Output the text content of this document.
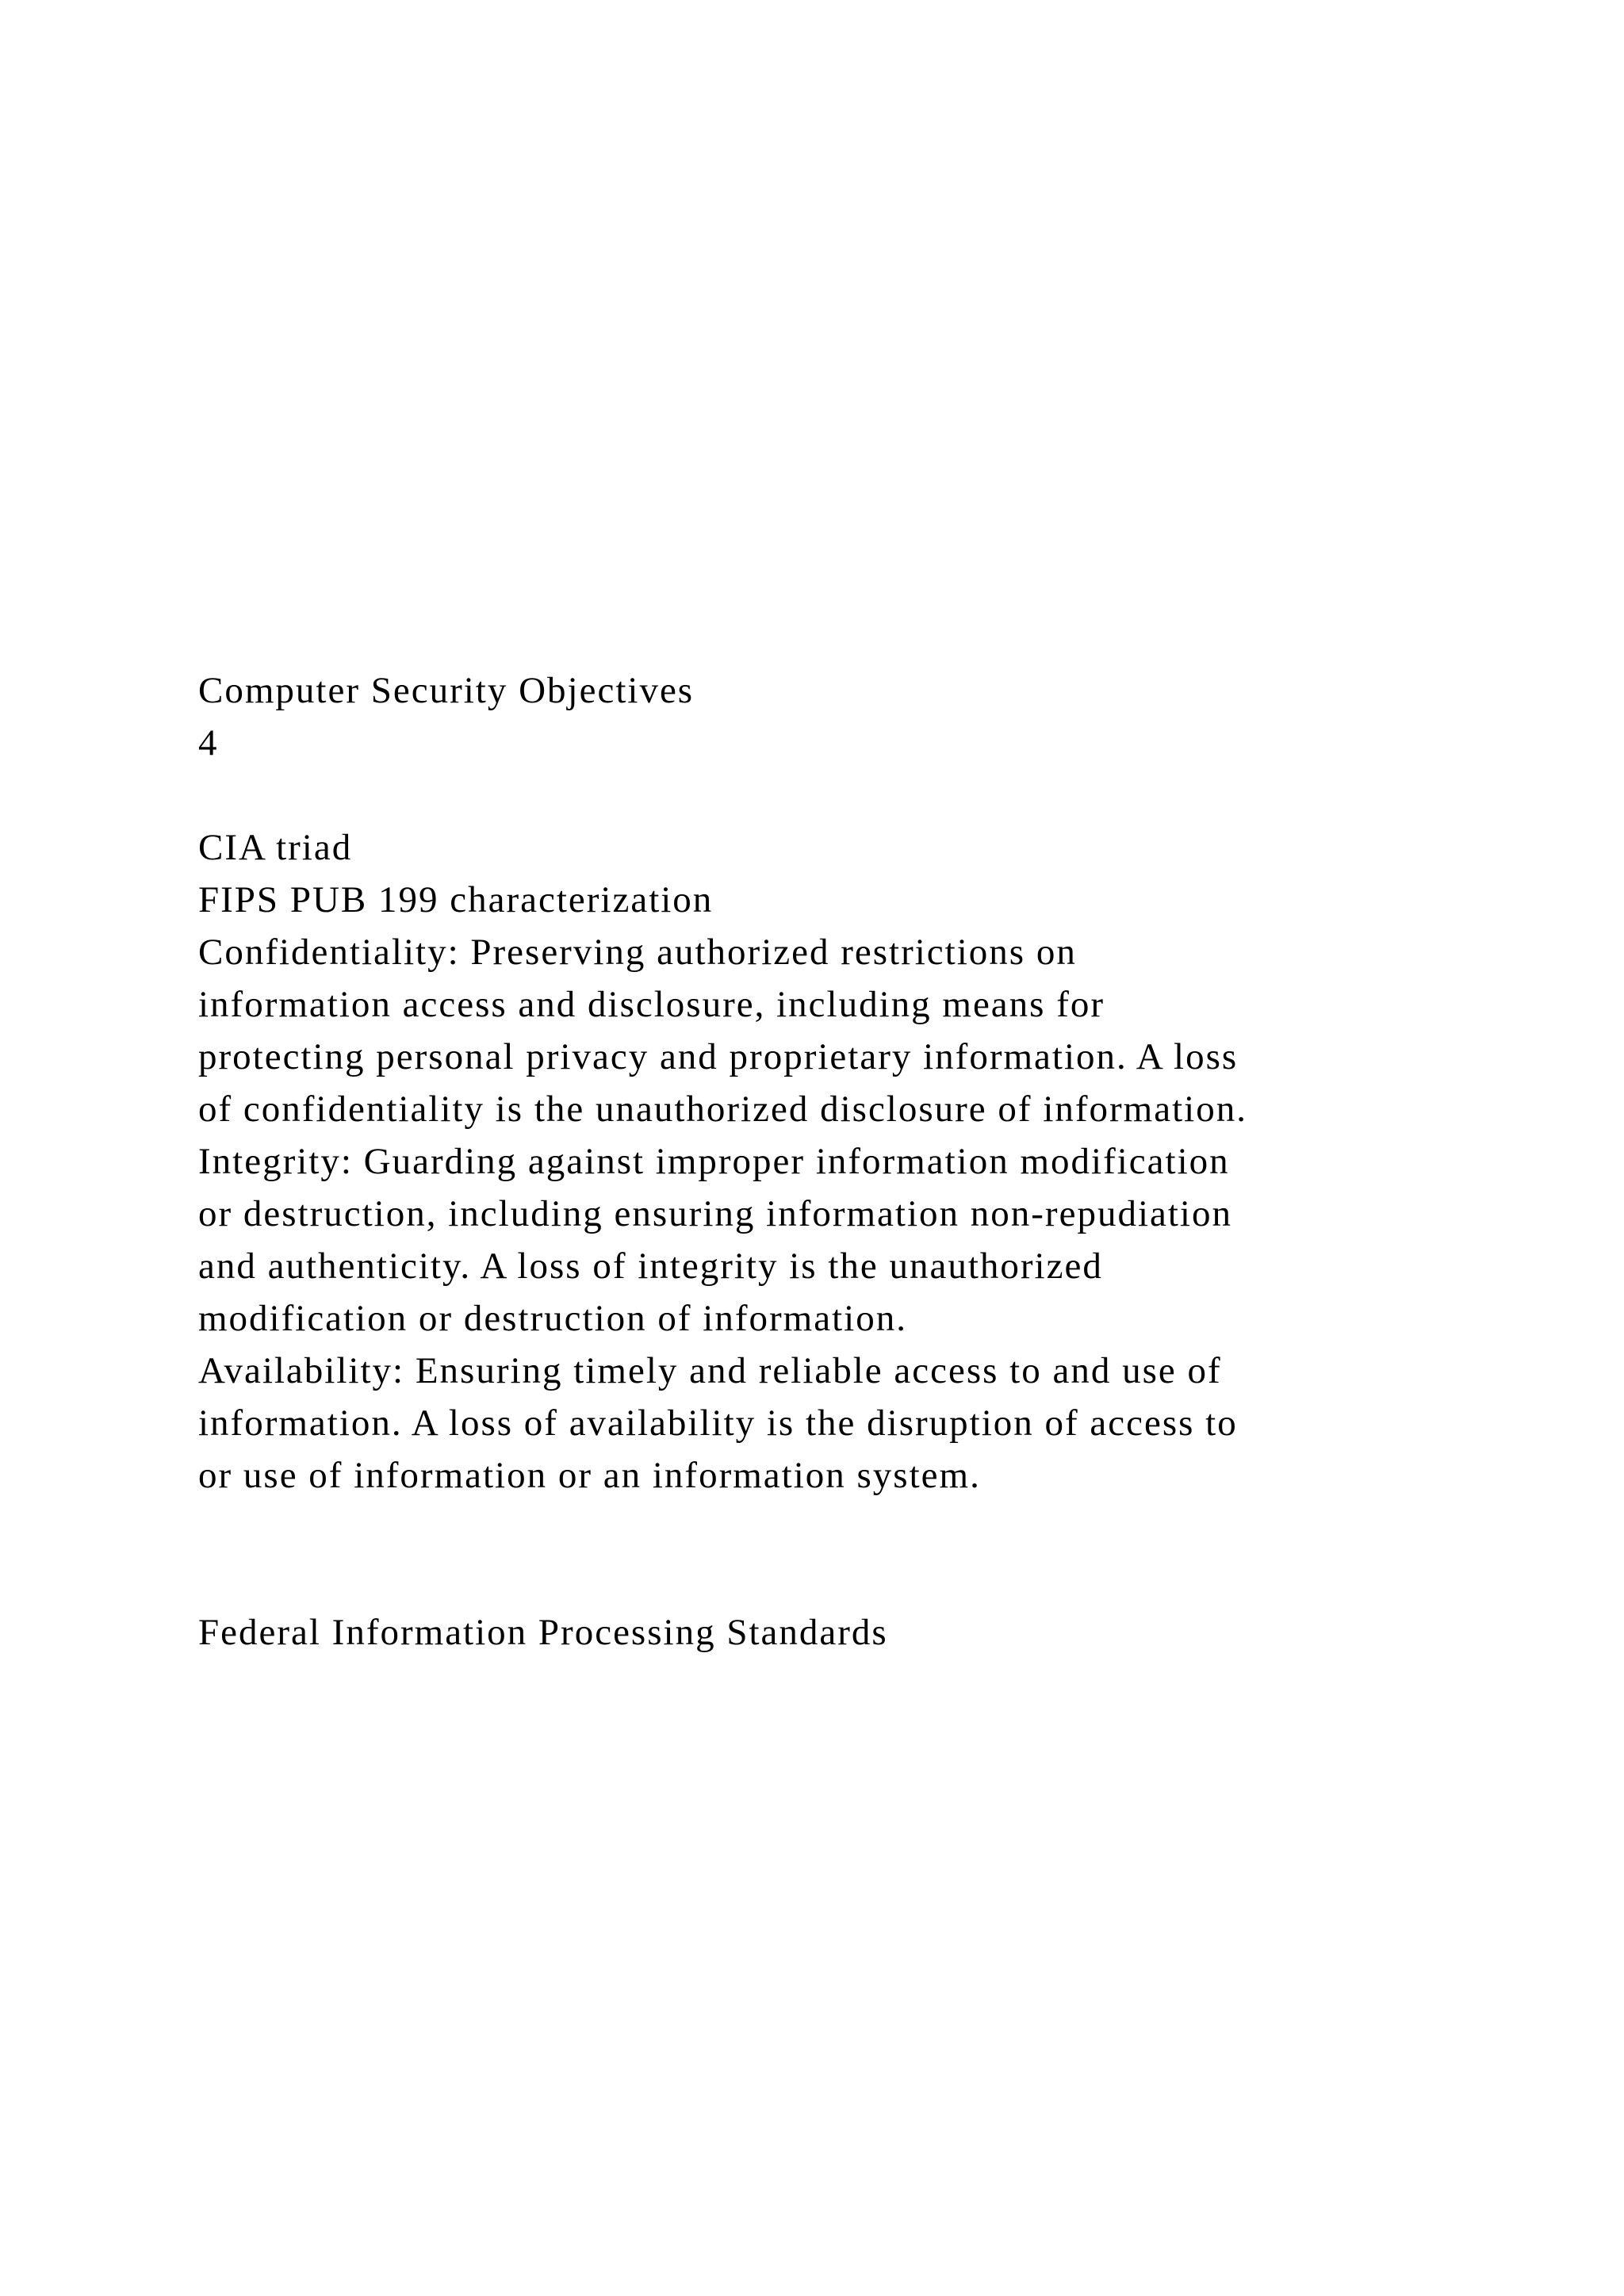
Computer Security Objectives
4
CIA triad
FIPS PUB 199 characterization
Confidentiality: Preserving authorized restrictions on
information access and disclosure, including means for
protecting personal privacy and proprietary information. A loss
of confidentiality is the unauthorized disclosure of information.
Integrity: Guarding against improper information modification
or destruction, including ensuring information non-repudiation
and authenticity. A loss of integrity is the unauthorized
modification or destruction of information.
Availability: Ensuring timely and reliable access to and use of
information. A loss of availability is the disruption of access to
or use of information or an information system.
Federal Information Processing Standards
